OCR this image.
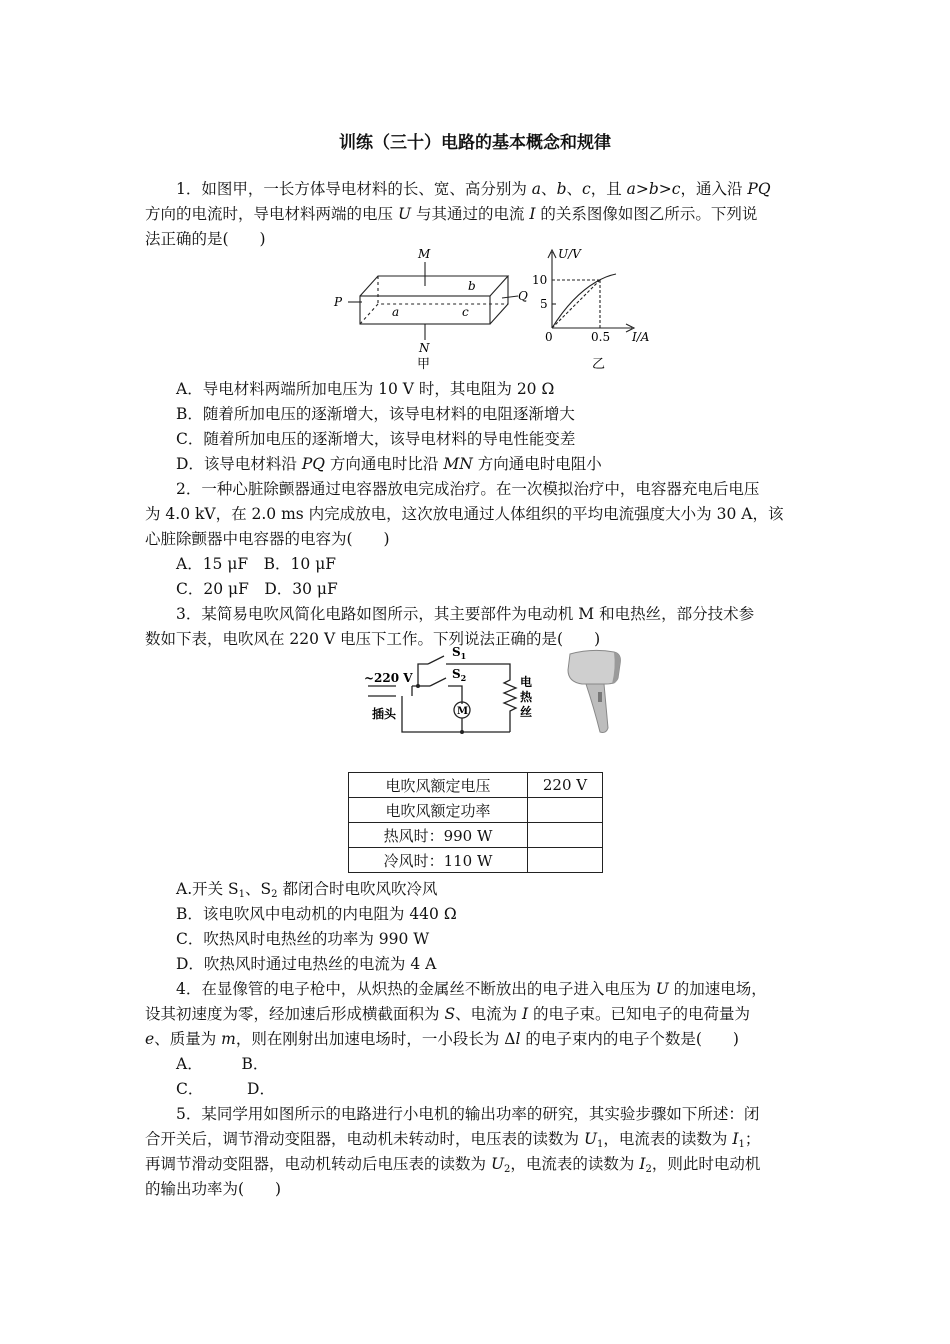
训练（三十）电路的基本概念和规律
1．如图甲，一长方体导电材料的长、宽、高分别为 a、b、c，且 a>b>c，通入沿 PQ
方向的电流时，导电材料两端的电压 U 与其通过的电流 I 的关系图像如图乙所示。下列说
法正确的是(　　)
M
N
P	Q
a
b
c
甲
U/V
10
5
0	0.5 I/A
乙
A．导电材料两端所加电压为 10 V 时，其电阻为 20 Ω
B．随着所加电压的逐渐增大，该导电材料的电阻逐渐增大
C．随着所加电压的逐渐增大，该导电材料的导电性能变差
D．该导电材料沿 PQ 方向通电时比沿 MN 方向通电时电阻小
2．一种心脏除颤器通过电容器放电完成治疗。在一次模拟治疗中，电容器充电后电压
为 4.0 kV，在 2.0 ms 内完成放电，这次放电通过人体组织的平均电流强度大小为 30 A，该
心脏除颤器中电容器的电容为(　　)
A．15 μF　B．10 μF
C．20 μF　D．30 μF
3．某简易电吹风简化电路如图所示，其主要部件为电动机 M 和电热丝，部分技术参
数如下表，电吹风在 220 V 电压下工作。下列说法正确的是(　　)
~220 V
$S_1$
$S_2$
插头	M
电
热
丝
电吹风额定电压	220 V
电吹风额定功率	
热风时：990 W	
冷风时：110 W	
A.开关 $S_1$、$S_2$ 都闭合时电吹风吹冷风
B．该电吹风中电动机的内电阻为 440 Ω
C．吹热风时电热丝的功率为 990 W
D．吹热风时通过电热丝的电流为 4 A
4．在显像管的电子枪中，从炽热的金属丝不断放出的电子进入电压为 U 的加速电场，
设其初速度为零，经加速后形成横截面积为 S、电流为 I 的电子束。已知电子的电荷量为
e、质量为 m，则在刚射出加速电场时，一小段长为 Δl 的电子束内的电子个数是(　　)
A．　　　B．
C．　　　 D．
5．某同学用如图所示的电路进行小电机的输出功率的研究，其实验步骤如下所述：闭
合开关后，调节滑动变阻器，电动机未转动时，电压表的读数为 $U_1$，电流表的读数为 $I_1$；
再调节滑动变阻器，电动机转动后电压表的读数为 $U_2$，电流表的读数为 $I_2$，则此时电动机
的输出功率为(　　)
